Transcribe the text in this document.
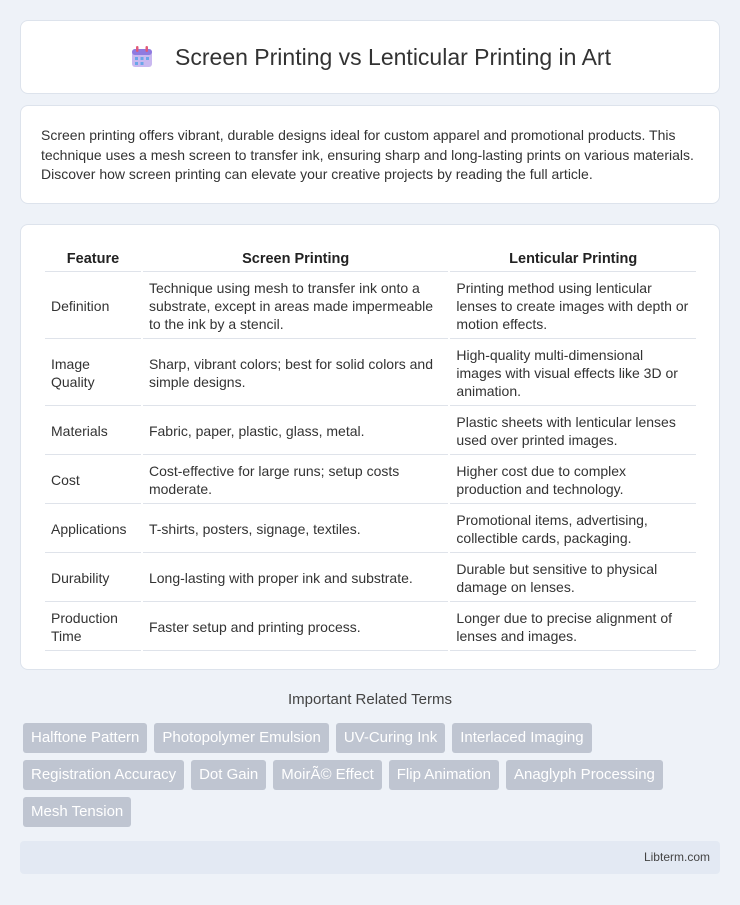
Screen Printing vs Lenticular Printing in Art

Screen printing offers vibrant, durable designs ideal for custom apparel and promotional products. This technique uses a mesh screen to transfer ink, ensuring sharp and long-lasting prints on various materials. Discover how screen printing can elevate your creative projects by reading the full article.

Feature	Screen Printing	Lenticular Printing
Definition	Technique using mesh to transfer ink onto a substrate, except in areas made impermeable to the ink by a stencil.	Printing method using lenticular lenses to create images with depth or motion effects.
Image Quality	Sharp, vibrant colors; best for solid colors and simple designs.	High-quality multi-dimensional images with visual effects like 3D or animation.
Materials	Fabric, paper, plastic, glass, metal.	Plastic sheets with lenticular lenses used over printed images.
Cost	Cost-effective for large runs; setup costs moderate.	Higher cost due to complex production and technology.
Applications	T-shirts, posters, signage, textiles.	Promotional items, advertising, collectible cards, packaging.
Durability	Long-lasting with proper ink and substrate.	Durable but sensitive to physical damage on lenses.
Production Time	Faster setup and printing process.	Longer due to precise alignment of lenses and images.
Important Related Terms
Halftone Pattern	Photopolymer Emulsion	UV-Curing Ink	Interlaced Imaging
Registration Accuracy	Dot Gain	MoirÃ© Effect	Flip Animation	Anaglyph Processing
Mesh Tension
Libterm.com
